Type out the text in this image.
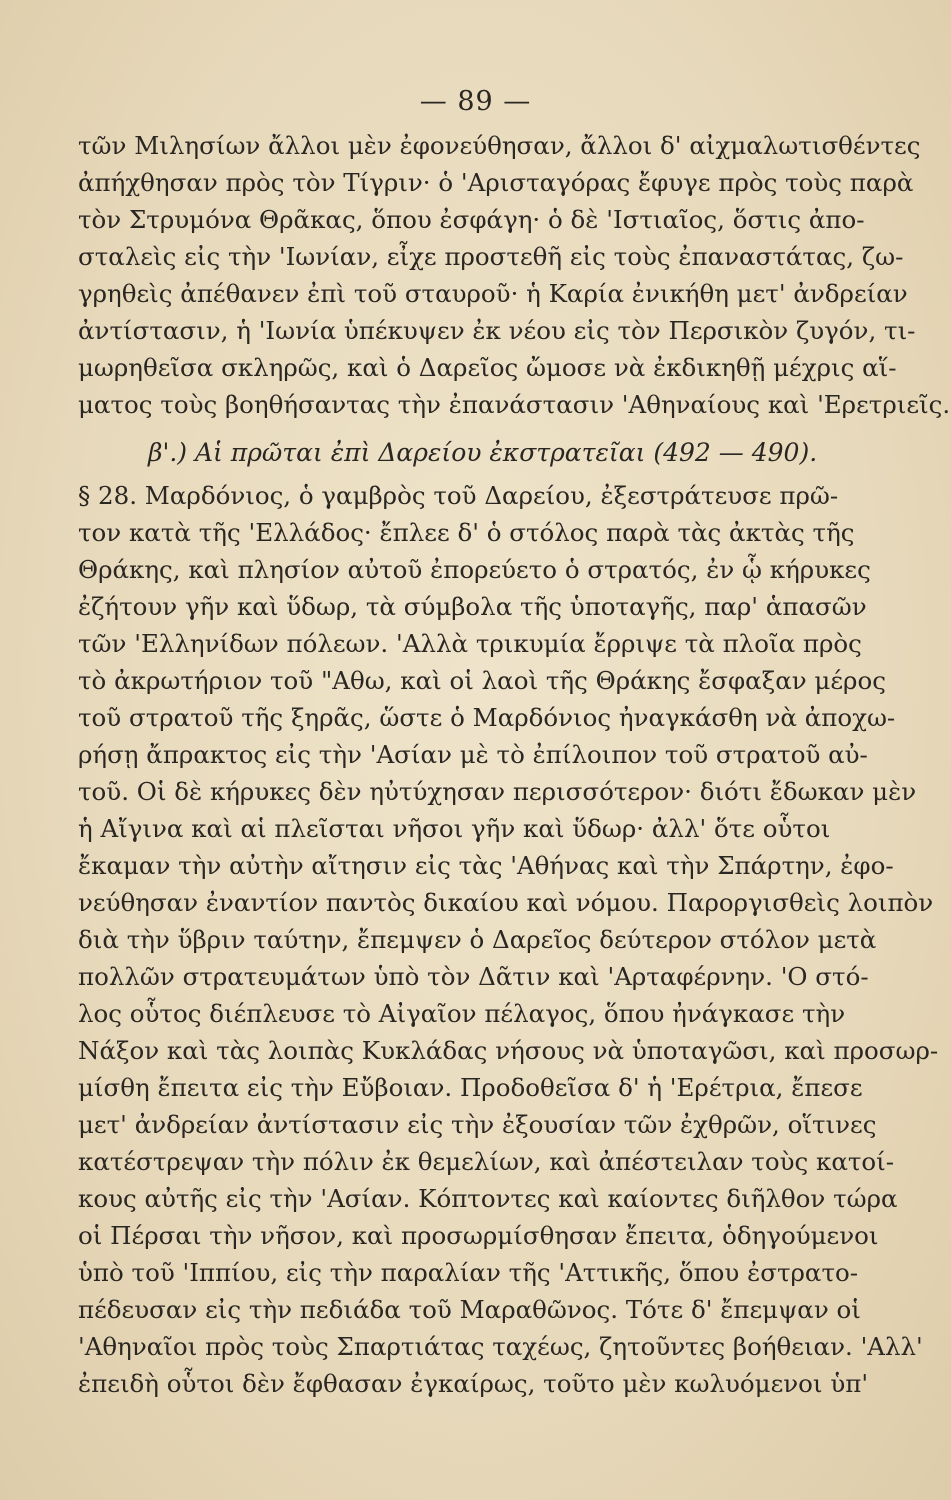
— 89 —
τῶν Μιλησίων ἄλλοι μὲν ἐφονεύθησαν, ἄλλοι δ' αἰχμαλωτισθέντες
ἀπήχθησαν πρὸς τὸν Τίγριν· ὁ 'Αρισταγόρας ἔφυγε πρὸς τοὺς παρὰ
τὸν Στρυμόνα Θρᾶκας, ὅπου ἐσφάγη· ὁ δὲ 'Ιστιαῖος, ὅστις ἀπο-
σταλεὶς εἰς τὴν 'Ιωνίαν, εἶχε προστεθῆ εἰς τοὺς ἐπαναστάτας, ζω-
γρηθεὶς ἀπέθανεν ἐπὶ τοῦ σταυροῦ· ἡ Καρία ἐνικήθη μετ' ἀνδρείαν
ἀντίστασιν, ἡ 'Ιωνία ὑπέκυψεν ἐκ νέου εἰς τὸν Περσικὸν ζυγόν, τι-
μωρηθεῖσα σκληρῶς, καὶ ὁ Δαρεῖος ὤμοσε νὰ ἐκδικηθῇ μέχρις αἵ-
ματος τοὺς βοηθήσαντας τὴν ἐπανάστασιν 'Αθηναίους καὶ 'Ερετριεῖς.
β'.) Αἱ πρῶται ἐπὶ Δαρείου ἐκστρατεῖαι (492 — 490).
§ 28. Μαρδόνιος, ὁ γαμβρὸς τοῦ Δαρείου, ἐξεστράτευσε πρῶ-
τον κατὰ τῆς 'Ελλάδος· ἔπλεε δ' ὁ στόλος παρὰ τὰς ἀκτὰς τῆς
Θράκης, καὶ πλησίον αὐτοῦ ἐπορεύετο ὁ στρατός, ἐν ᾧ κήρυκες
ἐζήτουν γῆν καὶ ὕδωρ, τὰ σύμβολα τῆς ὑποταγῆς, παρ' ἁπασῶν
τῶν 'Ελληνίδων πόλεων. 'Αλλὰ τρικυμία ἔρριψε τὰ πλοῖα πρὸς
τὸ ἀκρωτήριον τοῦ "Αθω, καὶ οἱ λαοὶ τῆς Θράκης ἔσφαξαν μέρος
τοῦ στρατοῦ τῆς ξηρᾶς, ὥστε ὁ Μαρδόνιος ἠναγκάσθη νὰ ἀποχω-
ρήσῃ ἄπρακτος εἰς τὴν 'Ασίαν μὲ τὸ ἐπίλοιπον τοῦ στρατοῦ αὐ-
τοῦ. Οἱ δὲ κήρυκες δὲν ηὐτύχησαν περισσότερον· διότι ἔδωκαν μὲν
ἡ Αἴγινα καὶ αἱ πλεῖσται νῆσοι γῆν καὶ ὕδωρ· ἀλλ' ὅτε οὗτοι
ἔκαμαν τὴν αὐτὴν αἴτησιν εἰς τὰς 'Αθήνας καὶ τὴν Σπάρτην, ἐφο-
νεύθησαν ἐναντίον παντὸς δικαίου καὶ νόμου. Παροργισθεὶς λοιπὸν
διὰ τὴν ὕβριν ταύτην, ἔπεμψεν ὁ Δαρεῖος δεύτερον στόλον μετὰ
πολλῶν στρατευμάτων ὑπὸ τὸν Δᾶτιν καὶ 'Αρταφέρνην. 'Ο στό-
λος οὗτος διέπλευσε τὸ Αἰγαῖον πέλαγος, ὅπου ἠνάγκασε τὴν
Νάξον καὶ τὰς λοιπὰς Κυκλάδας νήσους νὰ ὑποταγῶσι, καὶ προσωρ-
μίσθη ἔπειτα εἰς τὴν Εὔβοιαν. Προδοθεῖσα δ' ἡ 'Ερέτρια, ἔπεσε
μετ' ἀνδρείαν ἀντίστασιν εἰς τὴν ἐξουσίαν τῶν ἐχθρῶν, οἵτινες
κατέστρεψαν τὴν πόλιν ἐκ θεμελίων, καὶ ἀπέστειλαν τοὺς κατοί-
κους αὐτῆς εἰς τὴν 'Ασίαν. Κόπτοντες καὶ καίοντες διῆλθον τώρα
οἱ Πέρσαι τὴν νῆσον, καὶ προσωρμίσθησαν ἔπειτα, ὁδηγούμενοι
ὑπὸ τοῦ 'Ιππίου, εἰς τὴν παραλίαν τῆς 'Αττικῆς, ὅπου ἐστρατο-
πέδευσαν εἰς τὴν πεδιάδα τοῦ Μαραθῶνος. Τότε δ' ἔπεμψαν οἱ
'Αθηναῖοι πρὸς τοὺς Σπαρτιάτας ταχέως, ζητοῦντες βοήθειαν. 'Αλλ'
ἐπειδὴ οὗτοι δὲν ἔφθασαν ἐγκαίρως, τοῦτο μὲν κωλυόμενοι ὑπ'
